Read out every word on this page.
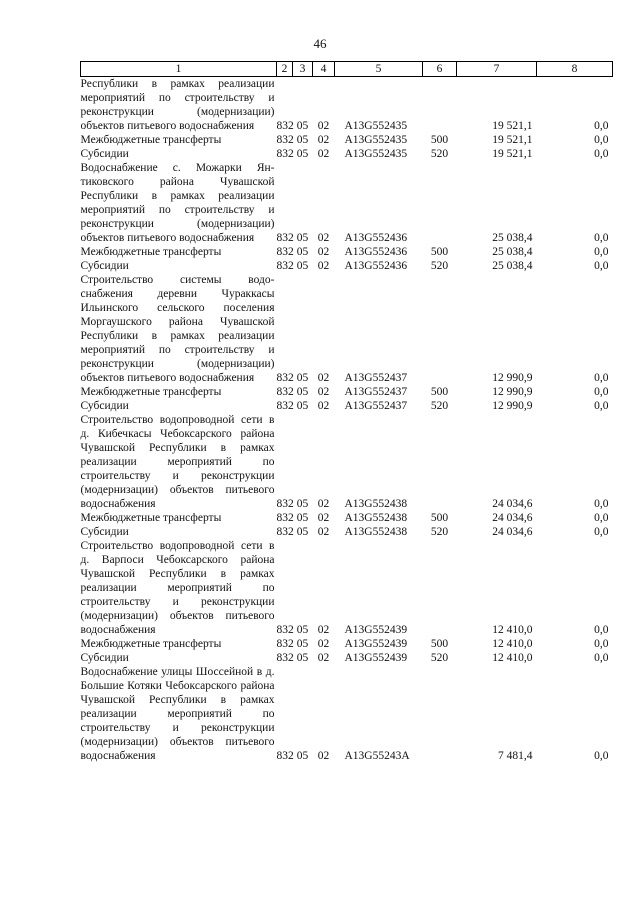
46
1	2	3	4	5	6	7	8
Республики в рамках реализации мероприятий по строительству и реконструкции (модернизации) объектов питьевого водоснабжения	832	05	02	A13G552435		19 521,1	0,0
Межбюджетные трансферты	832	05	02	A13G552435	500	19 521,1	0,0
Субсидии	832	05	02	A13G552435	520	19 521,1	0,0
Водоснабжение с. Можарки Янтиковского района Чувашской Республики в рамках реализации мероприятий по строительству и реконструкции (модернизации) объектов питьевого водоснабжения	832	05	02	A13G552436		25 038,4	0,0
Межбюджетные трансферты	832	05	02	A13G552436	500	25 038,4	0,0
Субсидии	832	05	02	A13G552436	520	25 038,4	0,0
Строительство системы водоснабжения деревни Чураккасы Ильинского сельского поселения Моргаушского района Чувашской Республики в рамках реализации мероприятий по строительству и реконструкции (модернизации) объектов питьевого водоснабжения	832	05	02	A13G552437		12 990,9	0,0
Межбюджетные трансферты	832	05	02	A13G552437	500	12 990,9	0,0
Субсидии	832	05	02	A13G552437	520	12 990,9	0,0
Строительство водопроводной сети в д. Кибечкасы Чебоксарского района Чувашской Республики в рамках реализации мероприятий по строительству и реконструкции (модернизации) объектов питьевого водоснабжения	832	05	02	A13G552438		24 034,6	0,0
Межбюджетные трансферты	832	05	02	A13G552438	500	24 034,6	0,0
Субсидии	832	05	02	A13G552438	520	24 034,6	0,0
Строительство водопроводной сети в д. Варпоси Чебоксарского района Чувашской Республики в рамках реализации мероприятий по строительству и реконструкции (модернизации) объектов питьевого водоснабжения	832	05	02	A13G552439		12 410,0	0,0
Межбюджетные трансферты	832	05	02	A13G552439	500	12 410,0	0,0
Субсидии	832	05	02	A13G552439	520	12 410,0	0,0
Водоснабжение улицы Шоссейной в д. Большие Котяки Чебоксарского района Чувашской Республики в рамках реализации мероприятий по строительству и реконструкции (модернизации) объектов питьевого водоснабжения	832	05	02	A13G55243A		7 481,4	0,0
